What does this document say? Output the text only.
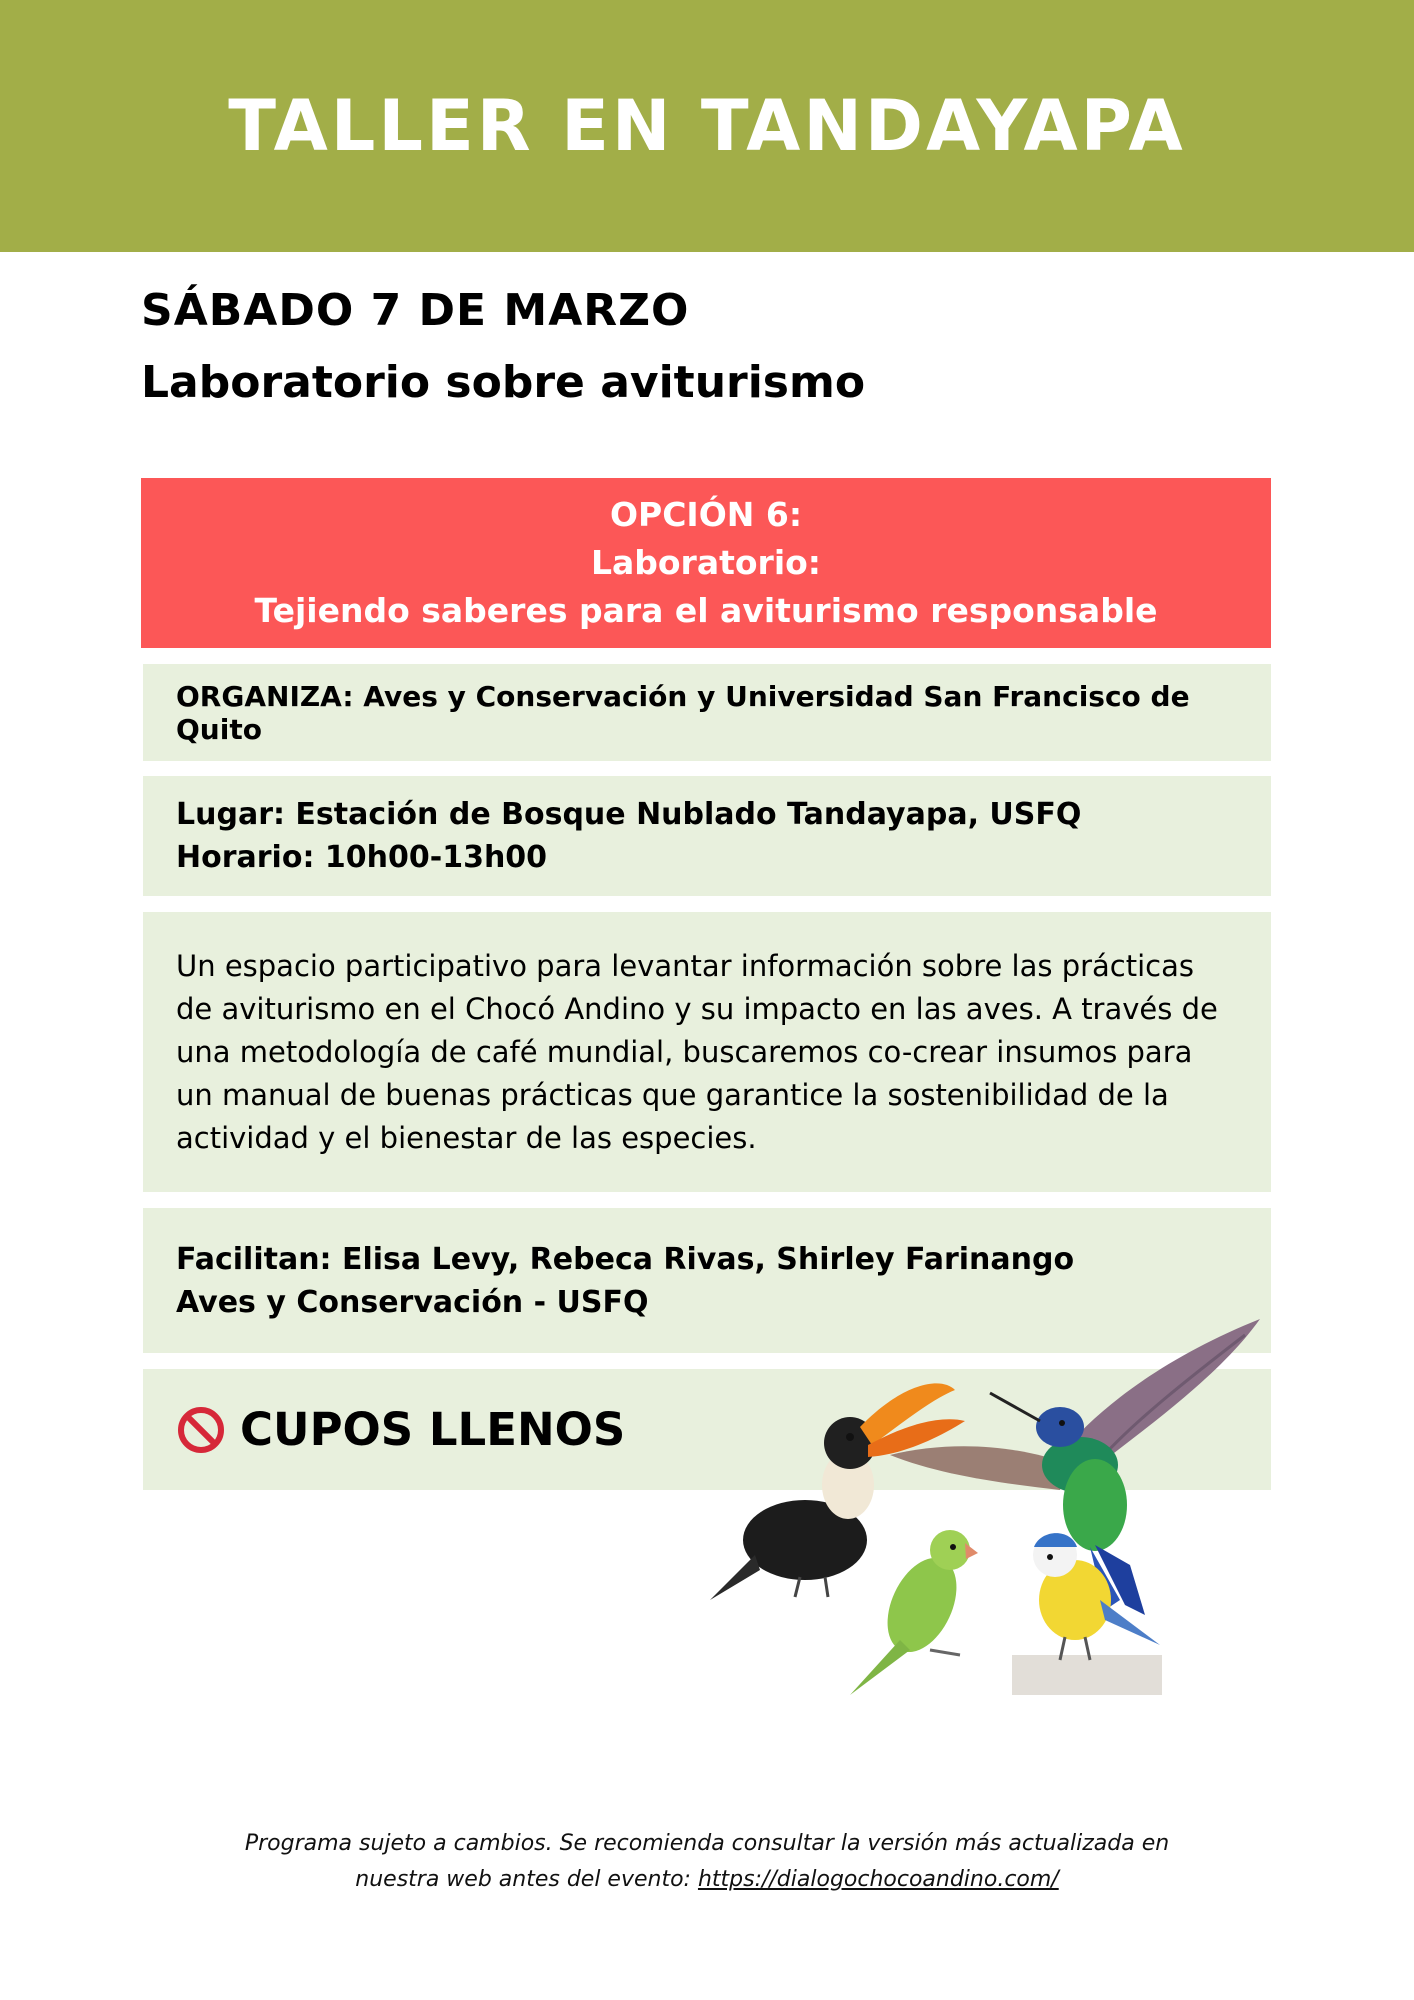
TALLER EN TANDAYAPA
SÁBADO 7 DE MARZO
Laboratorio sobre aviturismo
OPCIÓN 6:
Laboratorio:
Tejiendo saberes para el aviturismo responsable
ORGANIZA: Aves y Conservación y Universidad San Francisco de Quito
Lugar: Estación de Bosque Nublado Tandayapa, USFQ
Horario: 10h00-13h00

Un espacio participativo para levantar información sobre las prácticas de aviturismo en el Chocó Andino y su impacto en las aves. A través de una metodología de café mundial, buscaremos co-crear insumos para un manual de buenas prácticas que garantice la sostenibilidad de la actividad y el bienestar de las especies.

Facilitan: Elisa Levy, Rebeca Rivas, Shirley Farinango
Aves y Conservación - USFQ
CUPOS LLENOS
Programa sujeto a cambios. Se recomienda consultar la versión más actualizada en
nuestra web antes del evento: https://dialogochocoandino.com/
